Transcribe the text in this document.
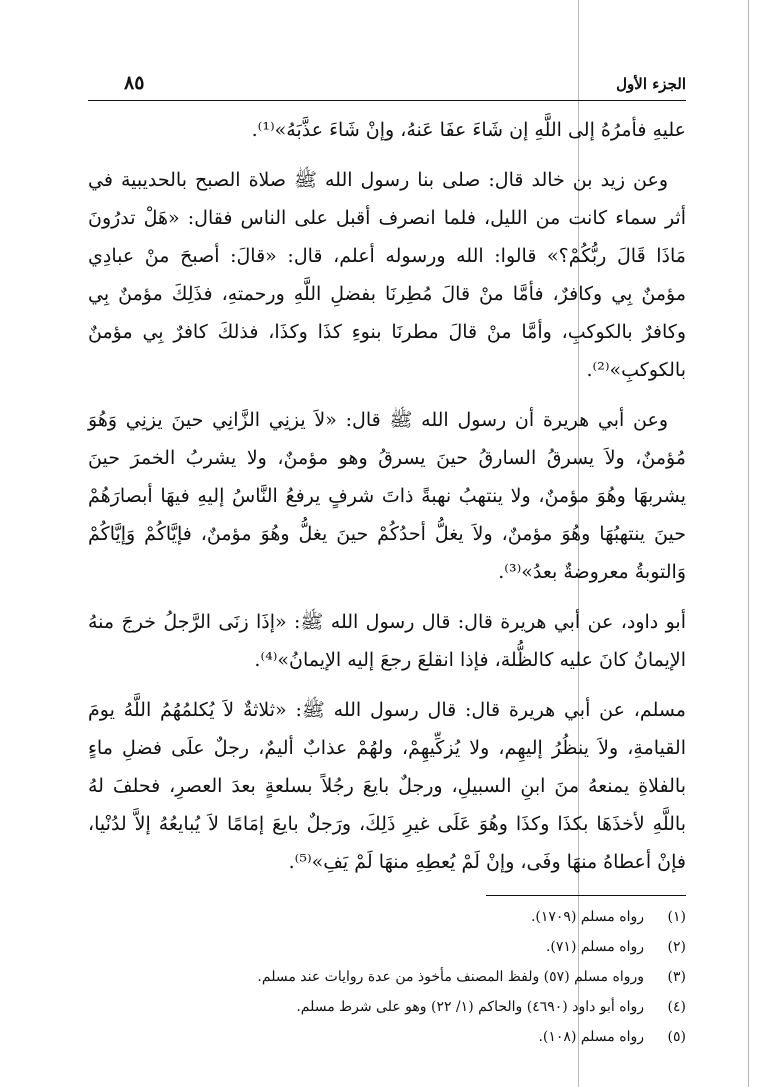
الجزء الأول
٨٥

عليهِ فأمرُهُ إلى اللَّهِ إن شَاءَ عفَا عَنهُ، وإنْ شَاءَ عذَّبَهُ»⁽¹⁾.

وعن زيد بن خالد قال: صلى بنا رسول الله ﷺ صلاة الصبح بالحديبية في أثر سماء كانت من الليل، فلما انصرف أقبل على الناس فقال: «هَلْ تدرُونَ مَاذَا قَالَ ربُّكُمْ؟» قالوا: الله ورسوله أعلم، قال: «قالَ: أصبحَ منْ عبادِي مؤمنٌ بِي وكافرٌ، فأمَّا منْ قالَ مُطِرنَا بفضلِ اللَّهِ ورحمتهِ، فذَلِكَ مؤمنٌ بِي وكافرٌ بالكوكبِ، وأمَّا منْ قالَ مطرنَا بنوءِ كذَا وكذَا، فذلكَ كافرٌ بِي مؤمنٌ بالكوكبِ»⁽²⁾.

وعن أبي هريرة أن رسول الله ﷺ قال: «لاَ يزنِي الزَّانِي حينَ يزنِي وَهُوَ مُؤمنٌ، ولاَ يسرقُ السارقُ حينَ يسرقُ وهو مؤمنٌ، ولا يشربُ الخمرَ حينَ يشربهَا وهُوَ مؤمنٌ، ولا ينتهبُ نهبةً ذاتَ شرفٍ يرفعُ النَّاسُ إليهِ فيهَا أبصارَهُمْ حينَ ينتهبُهَا وهُوَ مؤمنٌ، ولاَ يغلُّ أحدُكُمْ حينَ يغلُّ وهُوَ مؤمنٌ، فإيَّاكُمْ وَإيَّاكُمْ وَالتوبةُ معروضةٌ بعدُ»⁽³⁾.

أبو داود، عن أبي هريرة قال: قال رسول الله ﷺ: «إذَا زنَى الرَّجلُ خرجَ منهُ الإيمانُ كانَ عليه كالظُّلة، فإذا انقلعَ رجعَ إليه الإيمانُ»⁽⁴⁾.

مسلم، عن أبي هريرة قال: قال رسول الله ﷺ: «ثلاثةٌ لاَ يُكلمُهُمُ اللَّهُ يومَ القيامةِ، ولاَ ينظُرُ إليهِم، ولا يُزكِّيهِمْ، ولهُمْ عذابٌ أليمٌ، رجلٌ علَى فضلِ ماءٍ بالفلاةِ يمنعهُ منَ ابنِ السبيلِ، ورجلٌ بايعَ رجُلاً بسلعةٍ بعدَ العصرِ، فحلفَ لهُ باللَّهِ لأخذَهَا بكذَا وكذَا وهُوَ عَلَى غيرِ ذَلِكَ، ورَجلٌ بايعَ إمَامًا لاَ يُبايعُهُ إلاَّ لدُنْيا، فإنْ أعطاهُ منهَا وفَى، وإنْ لَمْ يُعطِهِ منهَا لَمْ يَفِ»⁽⁵⁾.

(١)
رواه مسلم (١٧٠٩).
(٢)
رواه مسلم (٧١).
(٣)
ورواه مسلم (٥٧) ولفظ المصنف مأخوذ من عدة روايات عند مسلم.
(٤)
رواه أبو داود (٤٦٩٠) والحاكم (١/ ٢٢) وهو على شرط مسلم.
(٥)
رواه مسلم (١٠٨).
